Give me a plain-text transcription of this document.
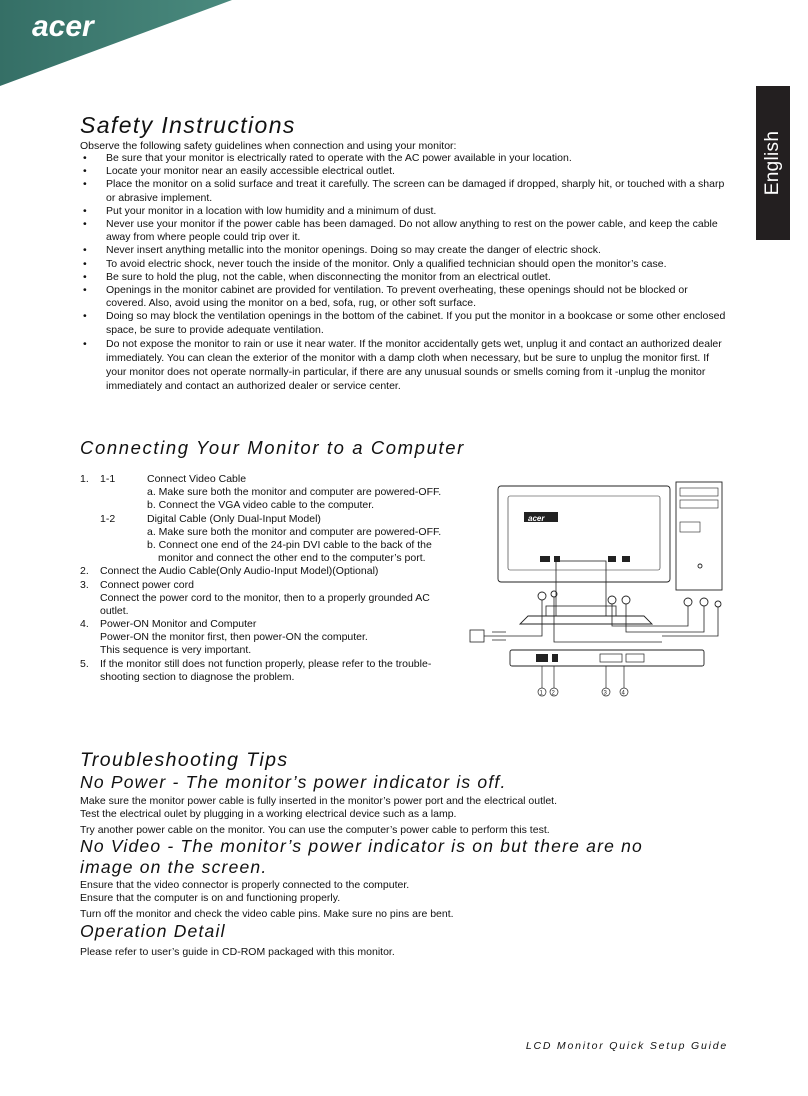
acer
English
Safety Instructions

Observe the following safety guidelines when connection and using your monitor:

• Be sure that your monitor is electrically rated to operate with the AC power available in your location.
• Locate your monitor near an easily accessible electrical outlet.
• Place the monitor on a solid surface and treat it carefully. The screen can be damaged if dropped, sharply hit, or touched with a sharp or abrasive implement.
• Put your monitor in a location with low humidity and a minimum of dust.
• Never use your monitor if the power cable has been damaged. Do not allow anything to rest on the power cable, and keep the cable away from where people could trip over it.
• Never insert anything metallic into the monitor openings. Doing so may create the danger of electric shock.
• To avoid electric shock, never touch the inside of the monitor. Only a qualified technician should open the monitor’s case.
• Be sure to hold the plug, not the cable, when disconnecting the monitor from an electrical outlet.
• Openings in the monitor cabinet are provided for ventilation. To prevent overheating, these openings should not be blocked or covered. Also, avoid using the monitor on a bed, sofa, rug, or other soft surface.
• Doing so may block the ventilation openings in the bottom of the cabinet. If you put the monitor in a bookcase or some other enclosed space, be sure to provide adequate ventilation.
• Do not expose the monitor to rain or use it near water. If the monitor accidentally gets wet, unplug it and contact an authorized dealer immediately. You can clean the exterior of the monitor with a damp cloth when necessary, but be sure to unplug the monitor first. If your monitor does not operate normally-in particular, if there are any unusual sounds or smells coming from it -unplug the monitor immediately and contact an authorized dealer or service center.
Connecting Your Monitor to a Computer
1. 1-1	Connect Video Cable
a. Make sure both the monitor and computer are powered-OFF.
b. Connect the VGA video cable to the computer.
1-2	Digital Cable (Only Dual-Input Model)
a. Make sure both the monitor and computer are powered-OFF.
b. Connect one end of the 24-pin DVI cable to the back of the
monitor and connect the other end to the computer’s port.
2. Connect the Audio Cable(Only Audio-Input Model)(Optional)
3. Connect power cord
Connect the power cord to the monitor, then to a properly grounded AC
outlet.
4. Power-ON Monitor and Computer
Power-ON the monitor first, then power-ON the computer.
This sequence is very important.
5. If the monitor still does not function properly, please refer to the trouble-
shooting section to diagnose the problem.
acer
1 2	3 4
Troubleshooting Tips
No Power - The monitor’s power indicator is off.

Make sure the monitor power cable is fully inserted in the monitor’s power port and the electrical outlet.

Test the electrical oulet by plugging in a working electrical device such as a lamp.

Try another power cable on the monitor. You can use the computer’s power cable to perform this test.

No Video - The monitor’s power indicator is on but there are no
image on the screen.

Ensure that the video connector is properly connected to the computer.

Ensure that the computer is on and functioning properly.

Turn off the monitor and check the video cable pins. Make sure no pins are bent.

Operation Detail

Please refer to user’s guide in CD-ROM packaged with this monitor.

LCD Monitor Quick Setup Guide
